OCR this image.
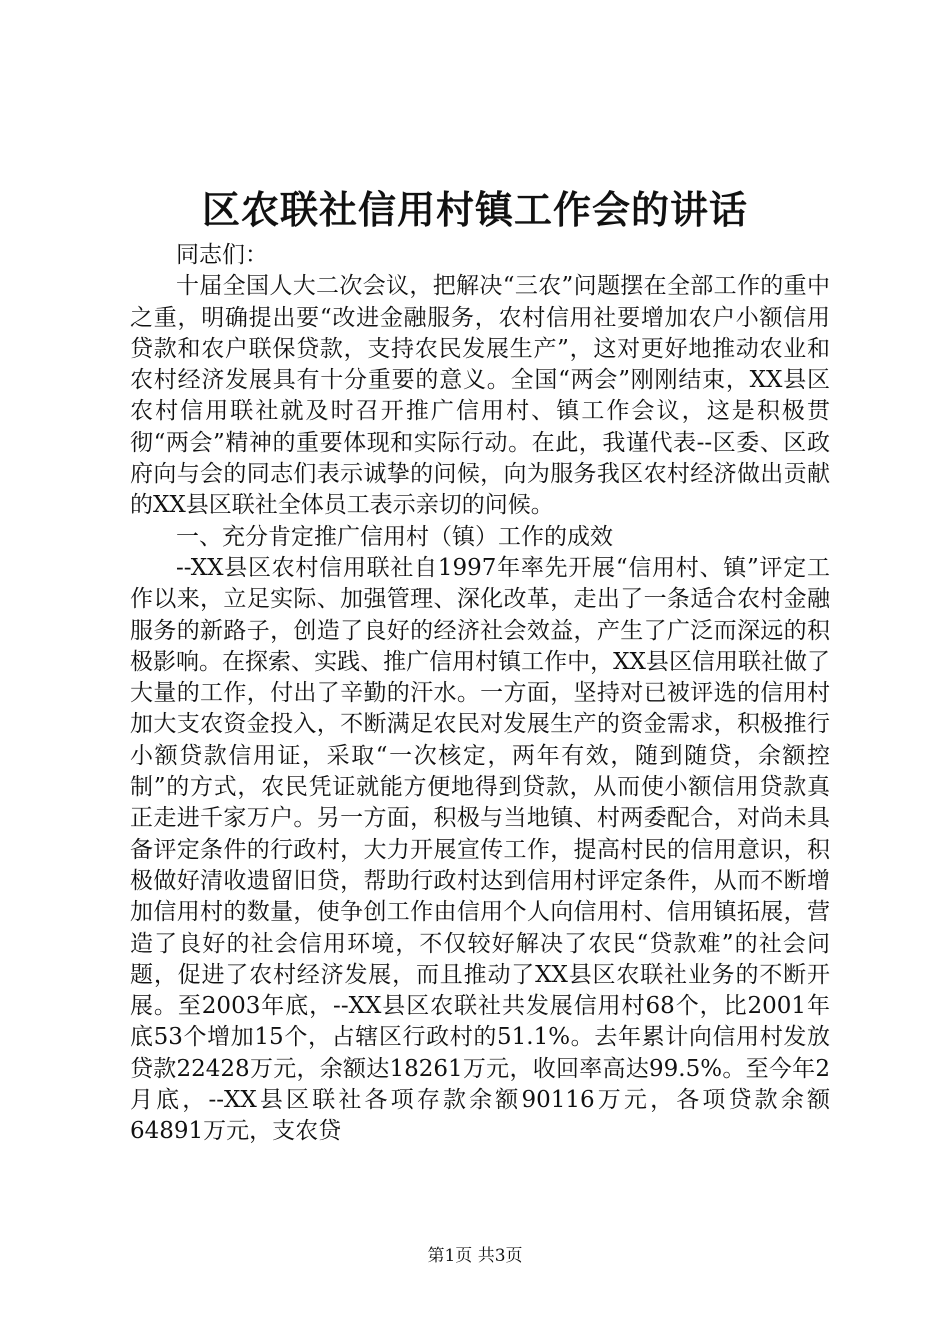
区农联社信用村镇工作会的讲话

同志们：

十届全国人大二次会议，把解决“三农”问题摆在全部工作的重中之重，明确提出要“改进金融服务，农村信用社要增加农户小额信用贷款和农户联保贷款，支持农民发展生产”，这对更好地推动农业和农村经济发展具有十分重要的意义。全国“两会”刚刚结束，XX县区农村信用联社就及时召开推广信用村、镇工作会议，这是积极贯彻“两会”精神的重要体现和实际行动。在此，我谨代表--区委、区政府向与会的同志们表示诚挚的问候，向为服务我区农村经济做出贡献的XX县区联社全体员工表示亲切的问候。

一、充分肯定推广信用村（镇）工作的成效

--XX县区农村信用联社自1997年率先开展“信用村、镇”评定工作以来，立足实际、加强管理、深化改革，走出了一条适合农村金融服务的新路子，创造了良好的经济社会效益，产生了广泛而深远的积极影响。在探索、实践、推广信用村镇工作中，XX县区信用联社做了大量的工作，付出了辛勤的汗水。一方面，坚持对已被评选的信用村加大支农资金投入，不断满足农民对发展生产的资金需求，积极推行小额贷款信用证，采取“一次核定，两年有效，随到随贷，余额控制”的方式，农民凭证就能方便地得到贷款，从而使小额信用贷款真正走进千家万户。另一方面，积极与当地镇、村两委配合，对尚未具备评定条件的行政村，大力开展宣传工作，提高村民的信用意识，积极做好清收遗留旧贷，帮助行政村达到信用村评定条件，从而不断增加信用村的数量，使争创工作由信用个人向信用村、信用镇拓展，营造了良好的社会信用环境，不仅较好解决了农民“贷款难”的社会问题，促进了农村经济发展，而且推动了XX县区农联社业务的不断开展。至2003年底，--XX县区农联社共发展信用村68个，比2001年底53个增加15个，占辖区行政村的51.1%。去年累计向信用村发放贷款22428万元，余额达18261万元，收回率高达99.5%。至今年2月底，--XX县区联社各项存款余额90116万元，各项贷款余额64891万元，支农贷

第1页 共3页
